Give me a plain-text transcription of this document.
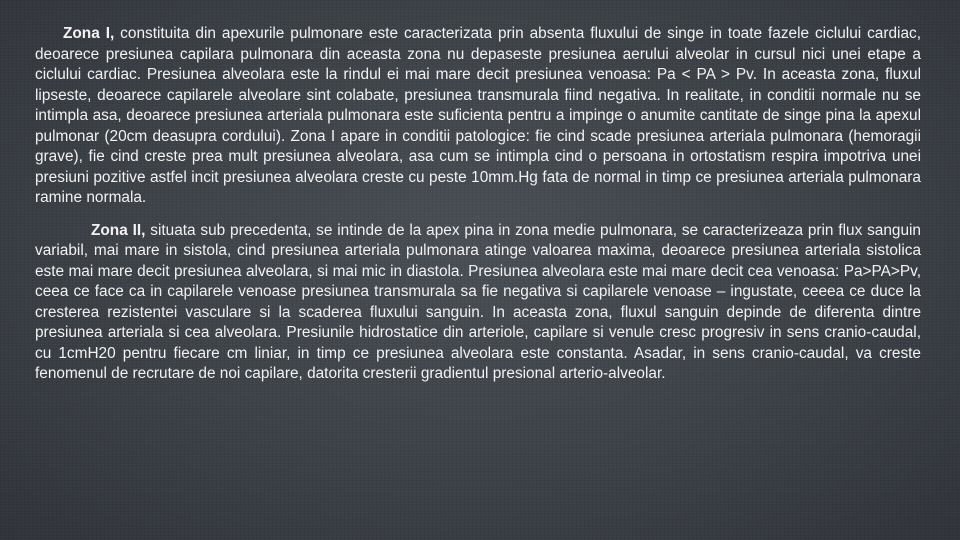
Zona I, constituita din apexurile pulmonare este caracterizata prin absenta fluxului de singe in toate fazele ciclului cardiac, deoarece presiunea capilara pulmonara din aceasta zona nu depaseste presiunea aerului alveolar in cursul nici unei etape a ciclului cardiac. Presiunea alveolara este la rindul ei mai mare decit presiunea venoasa: Pa < PA > Pv. In aceasta zona, fluxul lipseste, deoarece capilarele alveolare sint colabate, presiunea transmurala fiind negativa. In realitate, in conditii normale nu se intimpla asa, deoarece presiunea arteriala pulmonara este suficienta pentru a impinge o anumite cantitate de singe pina la apexul pulmonar (20cm deasupra cordului). Zona I apare in conditii patologice: fie cind scade presiunea arteriala pulmonara (hemoragii grave), fie cind creste prea mult presiunea alveolara, asa cum se intimpla cind o persoana in ortostatism respira impotriva unei presiuni pozitive astfel incit presiunea alveolara creste cu peste 10mm.Hg fata de normal in timp ce presiunea arteriala pulmonara ramine normala.

Zona II, situata sub precedenta, se intinde de la apex pina in zona medie pulmonara, se caracterizeaza prin flux sanguin variabil, mai mare in sistola, cind presiunea arteriala pulmonara atinge valoarea maxima, deoarece presiunea arteriala sistolica este mai mare decit presiunea alveolara, si mai mic in diastola. Presiunea alveolara este mai mare decit cea venoasa: Pa>PA>Pv, ceea ce face ca in capilarele venoase presiunea transmurala sa fie negativa si capilarele venoase – ingustate, ceeea ce duce la cresterea rezistentei vasculare si la scaderea fluxului sanguin. In aceasta zona, fluxul sanguin depinde de diferenta dintre presiunea arteriala si cea alveolara. Presiunile hidrostatice din arteriole, capilare si venule cresc progresiv in sens cranio-caudal, cu 1cmH20 pentru fiecare cm liniar, in timp ce presiunea alveolara este constanta. Asadar, in sens cranio-caudal, va creste fenomenul de recrutare de noi capilare, datorita cresterii gradientul presional arterio-alveolar.
